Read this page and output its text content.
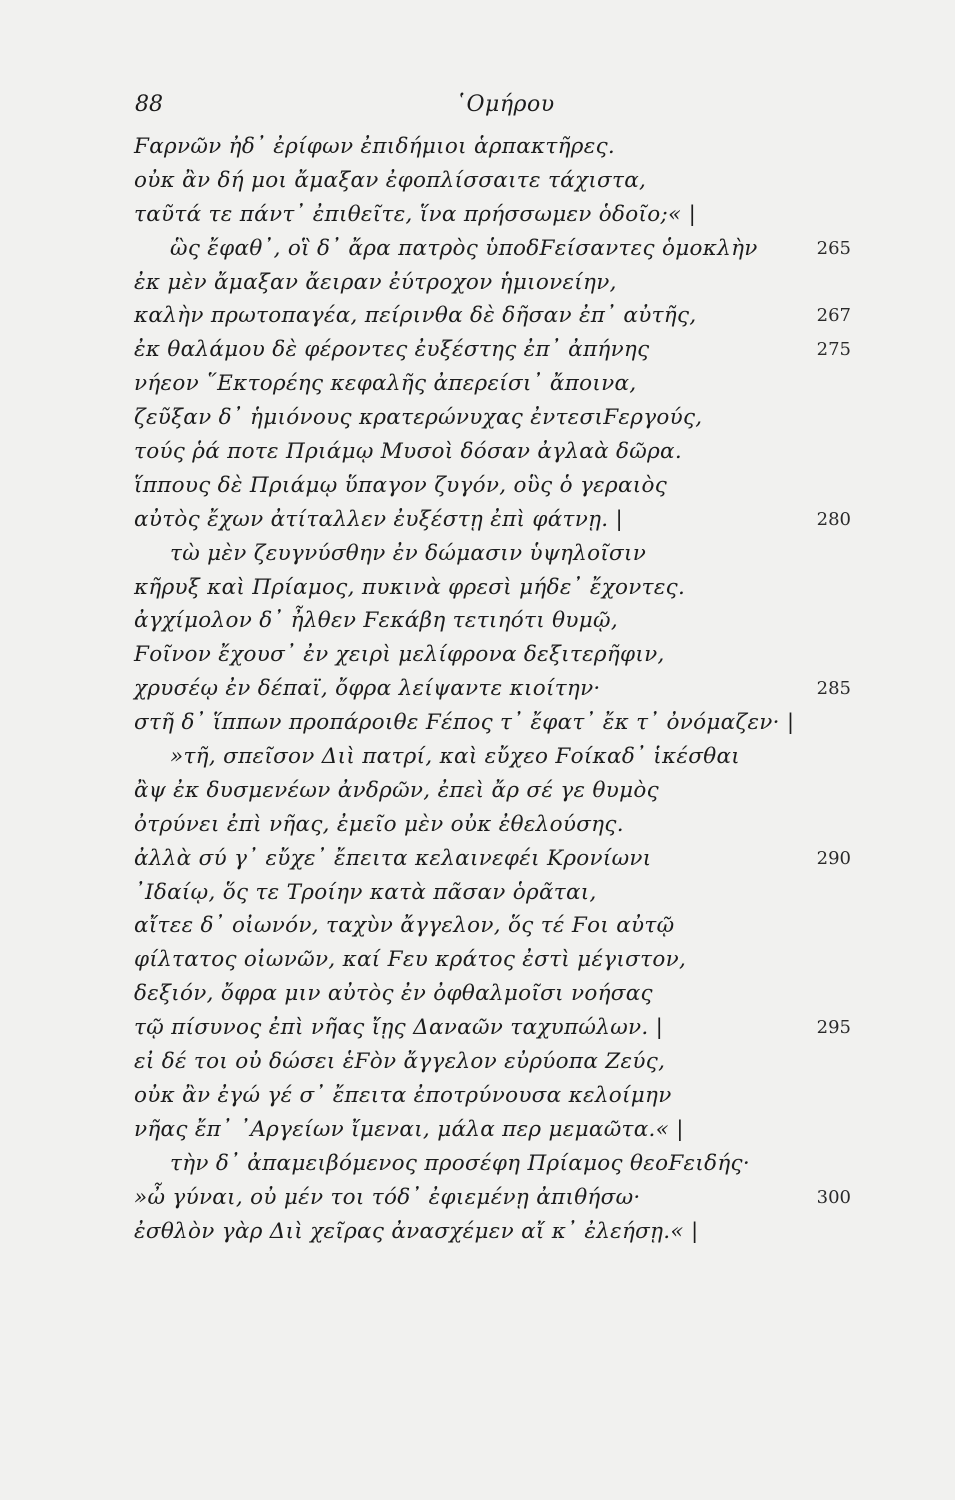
88	῾Ομήρου
Ϝαρνῶν ἠδ᾽ ἐρίφων ἐπιδήμιοι ἁρπακτῆρες.
οὐκ ἂν δή μοι ἄμαξαν ἐφοπλίσσαιτε τάχιστα,
ταῦτά τε πάντ᾽ ἐπιθεῖτε, ἵνα πρήσσωμεν ὁδοῖο;« |
ὣς ἔφαθ᾽, οἳ δ᾽ ἄρα πατρὸς ὑποδϜείσαντες ὁμοκλὴν	265
ἐκ μὲν ἄμαξαν ἄειραν ἐύτροχον ἡμιονείην,
καλὴν πρωτοπαγέα, πείρινθα δὲ δῆσαν ἐπ᾽ αὐτῆς,	267
ἐκ θαλάμου δὲ φέροντες ἐυξέστης ἐπ᾽ ἀπήνης	275
νήεον ῞Εκτορέης κεφαλῆς ἀπερείσι᾽ ἄποινα,
ζεῦξαν δ᾽ ἡμιόνους κρατερώνυχας ἐντεσιϜεργούς,
τούς ῥά ποτε Πριάμῳ Μυσοὶ δόσαν ἀγλαὰ δῶρα.
ἵππους δὲ Πριάμῳ ὕπαγον ζυγόν, οὓς ὁ γεραιὸς
αὐτὸς ἔχων ἀτίταλλεν ἐυξέστῃ ἐπὶ φάτνῃ. |	280
τὼ μὲν ζευγνύσθην ἐν δώμασιν ὑψηλοῖσιν
κῆρυξ καὶ Πρίαμος, πυκινὰ φρεσὶ μήδε᾽ ἔχοντες.
ἀγχίμολον δ᾽ ἦλθεν Ϝεκάβη τετιηότι θυμῷ,
Ϝοῖνον ἔχουσ᾽ ἐν χειρὶ μελίφρονα δεξιτερῆφιν,
χρυσέῳ ἐν δέπαϊ, ὄφρα λείψαντε κιοίτην·	285
στῆ δ᾽ ἵππων προπάροιθε Ϝέπος τ᾽ ἔφατ᾽ ἔκ τ᾽ ὀνόμαζεν· |
»τῆ, σπεῖσον Διὶ πατρί, καὶ εὔχεο Ϝοίκαδ᾽ ἱκέσθαι
ἂψ ἐκ δυσμενέων ἀνδρῶν, ἐπεὶ ἄρ σέ γε θυμὸς
ὀτρύνει ἐπὶ νῆας, ἐμεῖο μὲν οὐκ ἐθελούσης.
ἀλλὰ σύ γ᾽ εὔχε᾽ ἔπειτα κελαινεφέι Κρονίωνι	290
᾽Ιδαίῳ, ὅς τε Τροίην κατὰ πᾶσαν ὁρᾶται,
αἴτεε δ᾽ οἰωνόν, ταχὺν ἄγγελον, ὅς τέ Ϝοι αὐτῷ
φίλτατος οἰωνῶν, καί Ϝευ κράτος ἐστὶ μέγιστον,
δεξιόν, ὄφρα μιν αὐτὸς ἐν ὀφθαλμοῖσι νοήσας
τῷ πίσυνος ἐπὶ νῆας ἴῃς Δαναῶν ταχυπώλων. |	295
εἰ δέ τοι οὐ δώσει ἑϜὸν ἄγγελον εὐρύοπα Ζεύς,
οὐκ ἂν ἐγώ γέ σ᾽ ἔπειτα ἐποτρύνουσα κελοίμην
νῆας ἔπ᾽ ᾽Αργείων ἴμεναι, μάλα περ μεμαῶτα.« |
τὴν δ᾽ ἀπαμειβόμενος προσέφη Πρίαμος θεοϜειδής·
»ὦ γύναι, οὐ μέν τοι τόδ᾽ ἐφιεμένῃ ἀπιθήσω·	300
ἐσθλὸν γὰρ Διὶ χεῖρας ἀνασχέμεν αἴ κ᾽ ἐλεήσῃ.« |
